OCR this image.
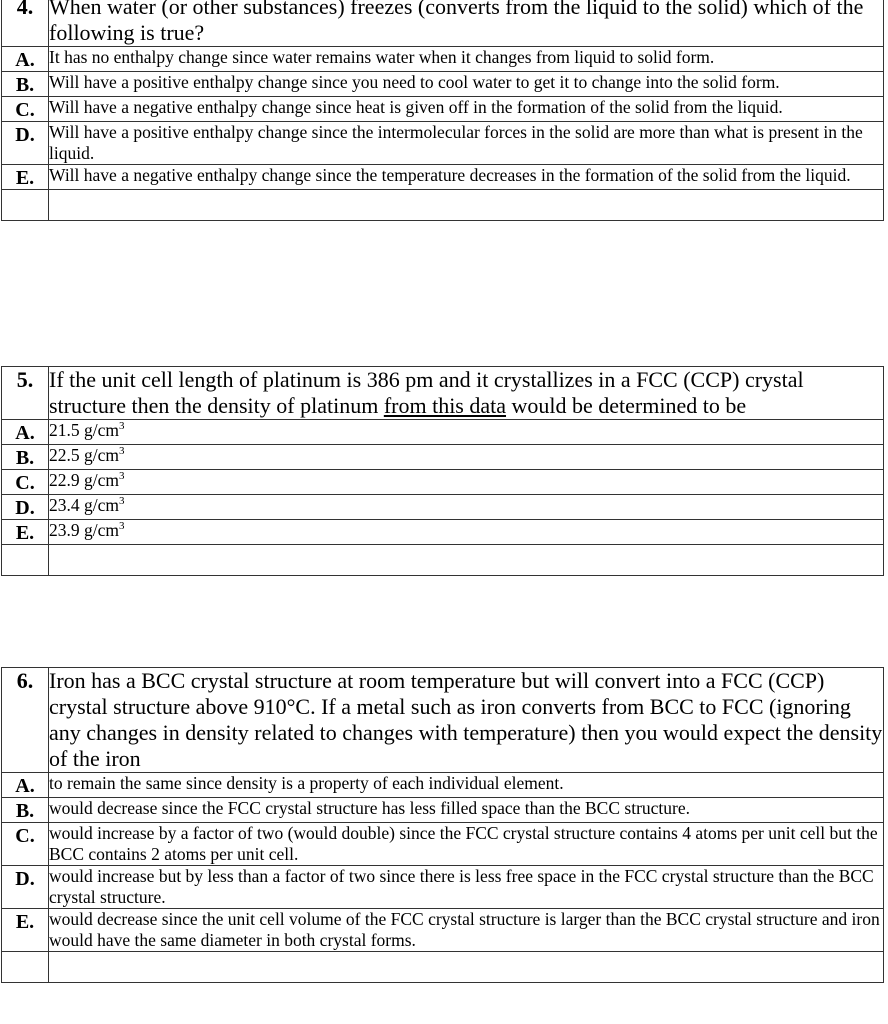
4.	When water (or other substances) freezes (converts from the liquid to the solid) which of the following is true?
A.	It has no enthalpy change since water remains water when it changes from liquid to solid form.
B.	Will have a positive enthalpy change since you need to cool water to get it to change into the solid form.
C.	Will have a negative enthalpy change since heat is given off in the formation of the solid from the liquid.
D.	Will have a positive enthalpy change since the intermolecular forces in the solid are more than what is present in the liquid.
E.	Will have a negative enthalpy change since the temperature decreases in the formation of the solid from the liquid.

5.	If the unit cell length of platinum is 386 pm and it crystallizes in a FCC (CCP) crystal structure then the density of platinum from this data would be determined to be
A.	21.5 $g/cm^3$
B.	22.5 $g/cm^3$
C.	22.9 $g/cm^3$
D.	23.4 $g/cm^3$
E.	23.9 $g/cm^3$

6.	Iron has a BCC crystal structure at room temperature but will convert into a FCC (CCP) crystal structure above 910°C. If a metal such as iron converts from BCC to FCC (ignoring any changes in density related to changes with temperature) then you would expect the density of the iron
A.	to remain the same since density is a property of each individual element.
B.	would decrease since the FCC crystal structure has less filled space than the BCC structure.
C.	would increase by a factor of two (would double) since the FCC crystal structure contains 4 atoms per unit cell but the BCC contains 2 atoms per unit cell.
D.	would increase but by less than a factor of two since there is less free space in the FCC crystal structure than the BCC crystal structure.
E.	would decrease since the unit cell volume of the FCC crystal structure is larger than the BCC crystal structure and iron would have the same diameter in both crystal forms.
